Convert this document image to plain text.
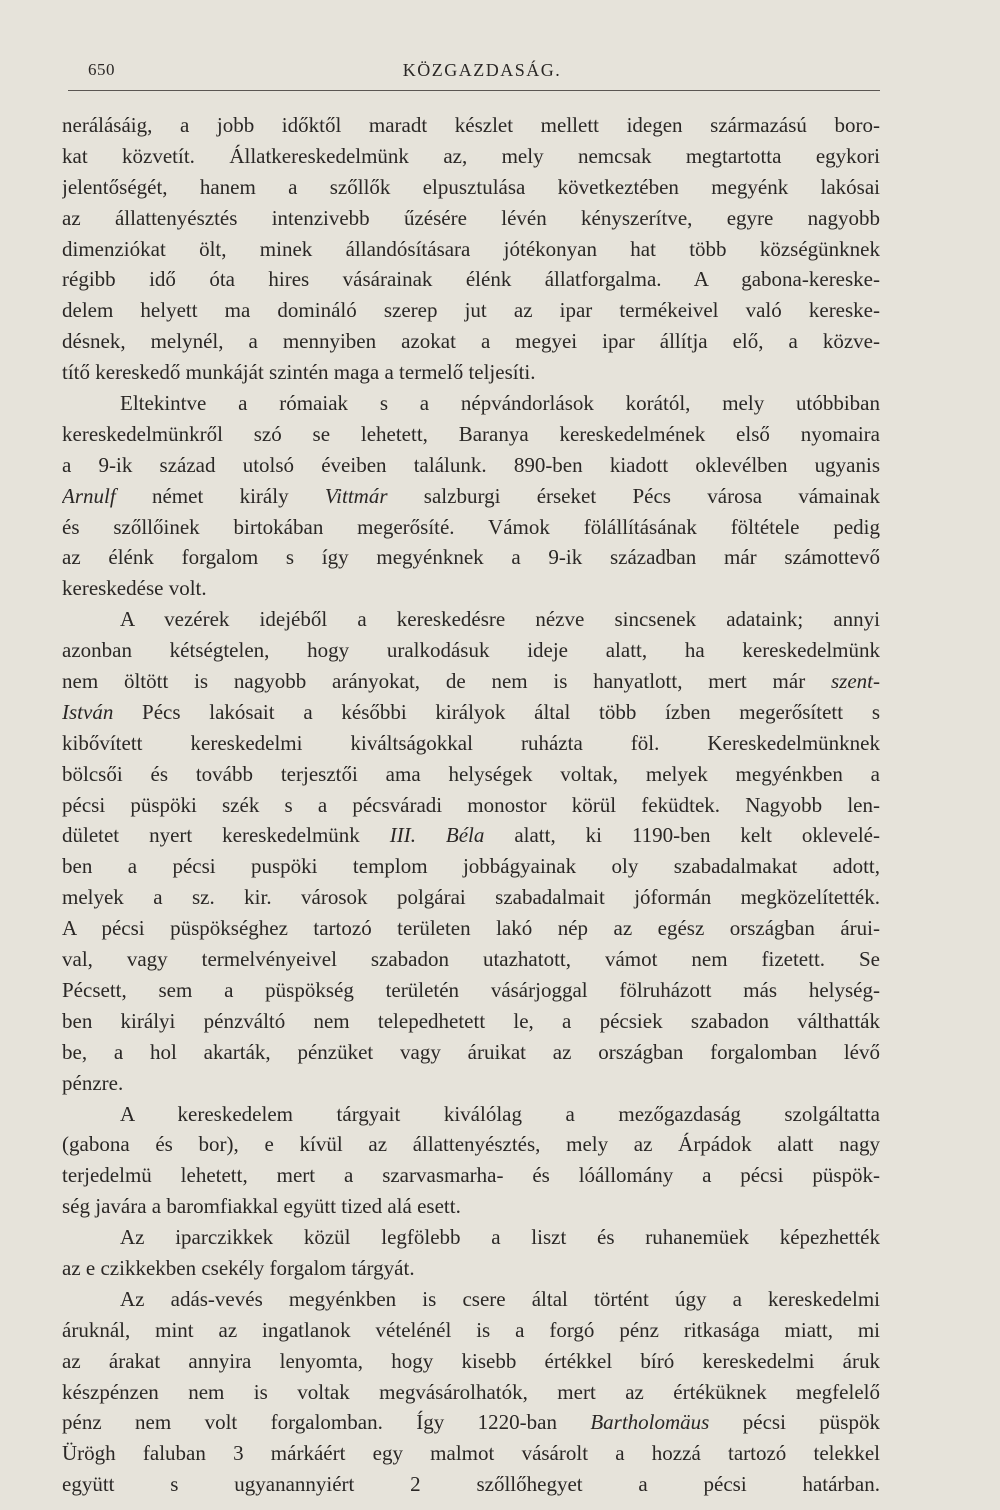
650	KÖZGAZDASÁG.
nerálásáig, a jobb időktől maradt készlet mellett idegen származású boro-
kat közvetít. Állatkereskedelmünk az, mely nemcsak megtartotta egykori
jelentőségét, hanem a szőllők elpusztulása következtében megyénk lakósai
az állattenyésztés intenzivebb űzésére lévén kényszerítve, egyre nagyobb
dimenziókat ölt, minek állandósításara jótékonyan hat több községünknek
régibb idő óta hires vásárainak élénk állatforgalma. A gabona-kereske-
delem helyett ma domináló szerep jut az ipar termékeivel való kereske-
désnek, melynél, a mennyiben azokat a megyei ipar állítja elő, a közve-
títő kereskedő munkáját szintén maga a termelő teljesíti.
Eltekintve a rómaiak s a népvándorlások korától, mely utóbbiban
kereskedelmünkről szó se lehetett, Baranya kereskedelmének első nyomaira
a 9-ik század utolsó éveiben találunk. 890-ben kiadott oklevélben ugyanis
Arnulf német király Vittmár salzburgi érseket Pécs városa vámainak
és szőllőinek birtokában megerősíté. Vámok fölállításának föltétele pedig
az élénk forgalom s így megyénknek a 9-ik században már számottevő
kereskedése volt.
A vezérek idejéből a kereskedésre nézve sincsenek adataink; annyi
azonban kétségtelen, hogy uralkodásuk ideje alatt, ha kereskedelmünk
nem öltött is nagyobb arányokat, de nem is hanyatlott, mert már szent-
István Pécs lakósait a későbbi királyok által több ízben megerősített s
kibővített kereskedelmi kiváltságokkal ruházta föl. Kereskedelmünknek
bölcsői és tovább terjesztői ama helységek voltak, melyek megyénkben a
pécsi püspöki szék s a pécsváradi monostor körül feküdtek. Nagyobb len-
dületet nyert kereskedelmünk III. Béla alatt, ki 1190-ben kelt oklevelé-
ben a pécsi puspöki templom jobbágyainak oly szabadalmakat adott,
melyek a sz. kir. városok polgárai szabadalmait jóformán megközelítették.
A pécsi püspökséghez tartozó területen lakó nép az egész országban árui-
val, vagy termelvényeivel szabadon utazhatott, vámot nem fizetett. Se
Pécsett, sem a püspökség területén vásárjoggal fölruházott más helység-
ben királyi pénzváltó nem telepedhetett le, a pécsiek szabadon válthatták
be, a hol akarták, pénzüket vagy áruikat az országban forgalomban lévő
pénzre.
A kereskedelem tárgyait kiválólag a mezőgazdaság szolgáltatta
(gabona és bor), e kívül az állattenyésztés, mely az Árpádok alatt nagy
terjedelmü lehetett, mert a szarvasmarha- és lóállomány a pécsi püspök-
ség javára a baromfiakkal együtt tized alá esett.
Az iparczikkek közül legfölebb a liszt és ruhanemüek képezhették
az e czikkekben csekély forgalom tárgyát.
Az adás-vevés megyénkben is csere által történt úgy a kereskedelmi
áruknál, mint az ingatlanok vételénél is a forgó pénz ritkasága miatt, mi
az árakat annyira lenyomta, hogy kisebb értékkel bíró kereskedelmi áruk
készpénzen nem is voltak megvásárolhatók, mert az értéküknek megfelelő
pénz nem volt forgalomban. Így 1220-ban Bartholomäus pécsi püspök
Ürögh faluban 3 márkáért egy malmot vásárolt a hozzá tartozó telekkel
együtt s ugyanannyiért 2 szőllőhegyet a pécsi határban.
